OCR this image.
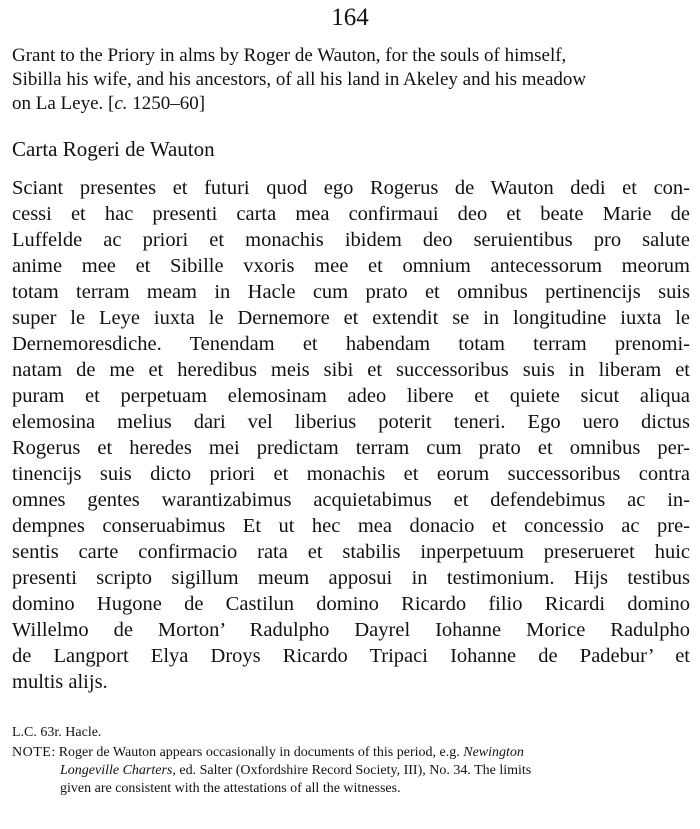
164
Grant to the Priory in alms by Roger de Wauton, for the souls of himself,
Sibilla his wife, and his ancestors, of all his land in Akeley and his meadow
on La Leye. [c. 1250–60]
Carta Rogeri de Wauton
Sciant presentes et futuri quod ego Rogerus de Wauton dedi et con-
cessi et hac presenti carta mea confirmaui deo et beate Marie de
Luffelde ac priori et monachis ibidem deo seruientibus pro salute
anime mee et Sibille vxoris mee et omnium antecessorum meorum
totam terram meam in Hacle cum prato et omnibus pertinencijs suis
super le Leye iuxta le Dernemore et extendit se in longitudine iuxta le
Dernemoresdiche. Tenendam et habendam totam terram prenomi-
natam de me et heredibus meis sibi et successoribus suis in liberam et
puram et perpetuam elemosinam adeo libere et quiete sicut aliqua
elemosina melius dari vel liberius poterit teneri. Ego uero dictus
Rogerus et heredes mei predictam terram cum prato et omnibus per-
tinencijs suis dicto priori et monachis et eorum successoribus contra
omnes gentes warantizabimus acquietabimus et defendebimus ac in-
dempnes conseruabimus Et ut hec mea donacio et concessio ac pre-
sentis carte confirmacio rata et stabilis inperpetuum preserueret huic
presenti scripto sigillum meum apposui in testimonium. Hijs testibus
domino Hugone de Castilun domino Ricardo filio Ricardi domino
Willelmo de Morton’ Radulpho Dayrel Iohanne Morice Radulpho
de Langport Elya Droys Ricardo Tripaci Iohanne de Padebur’ et
multis alijs.
L.C. 63r. Hacle.
NOTE: Roger de Wauton appears occasionally in documents of this period, e.g. Newington
Longeville Charters, ed. Salter (Oxfordshire Record Society, III), No. 34. The limits
given are consistent with the attestations of all the witnesses.
